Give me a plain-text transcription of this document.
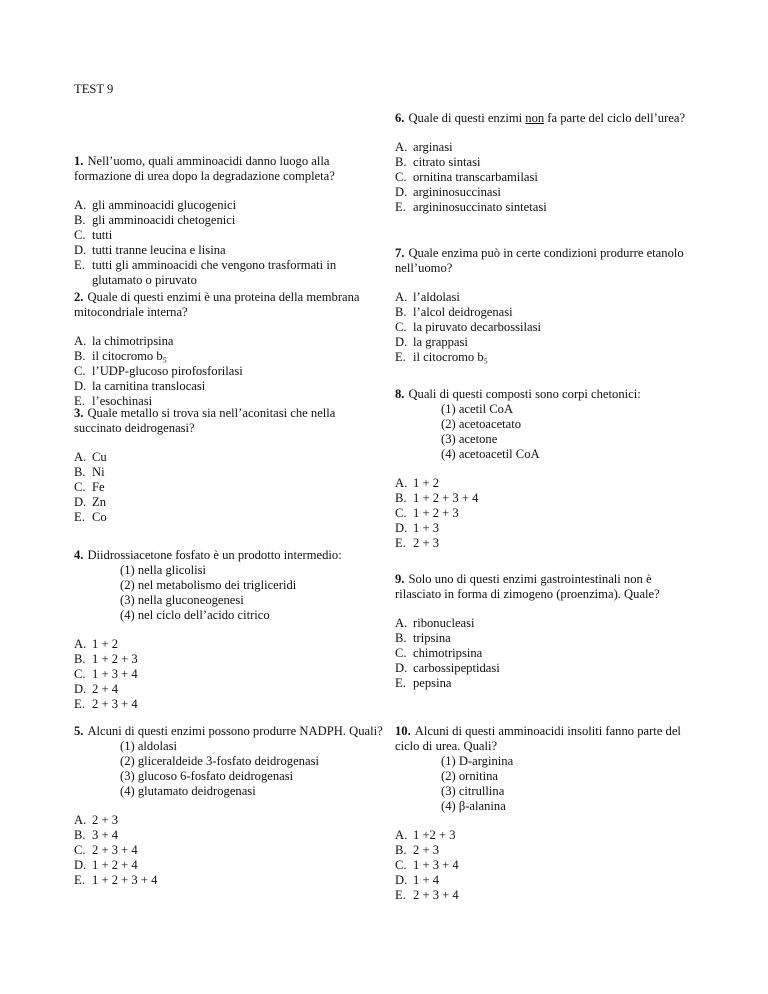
TEST 9

1. Nell’uomo, quali amminoacidi danno luogo alla formazione di urea dopo la degradazione completa?

A. gli amminoacidi glucogenici
B. gli amminoacidi chetogenici
C. tutti
D. tutti tranne leucina e lisina
E. tutti gli amminoacidi che vengono trasformati in glutamato o piruvato

2. Quale di questi enzimi è una proteina della membrana mitocondriale interna?

A. la chimotripsina
B. il citocromo b₅
C. l’UDP-glucoso pirofosforilasi
D. la carnitina translocasi
E. l’esochinasi

3. Quale metallo si trova sia nell’aconitasi che nella succinato deidrogenasi?

A. Cu
B. Ni
C. Fe
D. Zn
E. Co

4. Diidrossiacetone fosfato è un prodotto intermedio:

(1) nella glicolisi
(2) nel metabolismo dei trigliceridi
(3) nella gluconeogenesi
(4) nel ciclo dell’acido citrico
A. 1 + 2
B. 1 + 2 + 3
C. 1 + 3 + 4
D. 2 + 4
E. 2 + 3 + 4

5. Alcuni di questi enzimi possono produrre NADPH. Quali?

(1) aldolasi
(2) gliceraldeide 3-fosfato deidrogenasi
(3) glucoso 6-fosfato deidrogenasi
(4) glutamato deidrogenasi
A. 2 + 3
B. 3 + 4
C. 2 + 3 + 4
D. 1 + 2 + 4
E. 1 + 2 + 3 + 4

6. Quale di questi enzimi non fa parte del ciclo dell’urea?

A. arginasi
B. citrato sintasi
C. ornitina transcarbamilasi
D. argininosuccinasi
E. argininosuccinato sintetasi

7. Quale enzima può in certe condizioni produrre etanolo nell’uomo?

A. l’aldolasi
B. l’alcol deidrogenasi
C. la piruvato decarbossilasi
D. la grappasi
E. il citocromo b₅

8. Quali di questi composti sono corpi chetonici:

(1) acetil CoA
(2) acetoacetato
(3) acetone
(4) acetoacetil CoA
A. 1 + 2
B. 1 + 2 + 3 + 4
C. 1 + 2 + 3
D. 1 + 3
E. 2 + 3

9. Solo uno di questi enzimi gastrointestinali non è rilasciato in forma di zimogeno (proenzima). Quale?

A. ribonucleasi
B. tripsina
C. chimotripsina
D. carbossipeptidasi
E. pepsina

10. Alcuni di questi amminoacidi insoliti fanno parte del ciclo di urea. Quali?

(1) D-arginina
(2) ornitina
(3) citrullina
(4) β-alanina
A. 1 +2 + 3
B. 2 + 3
C. 1 + 3 + 4
D. 1 + 4
E. 2 + 3 + 4
